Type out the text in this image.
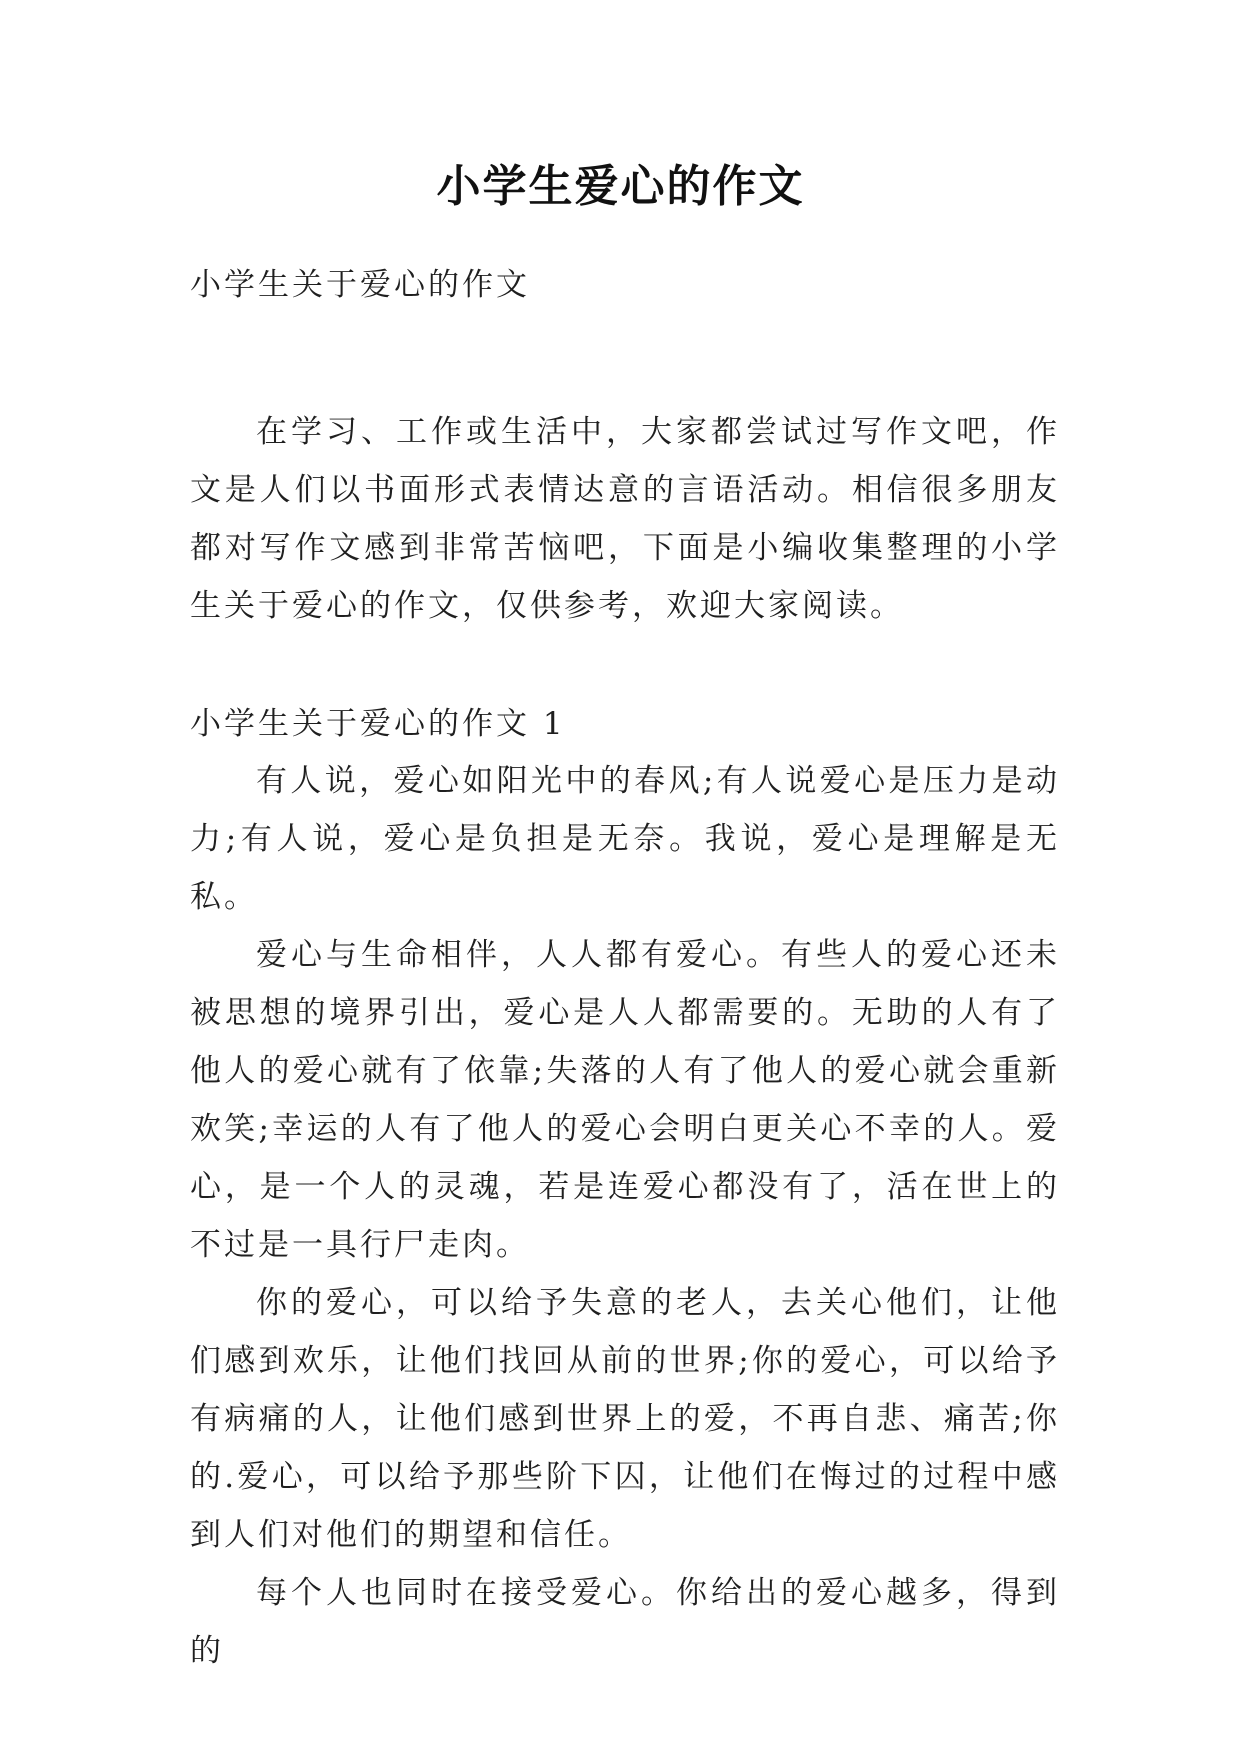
小学生爱心的作文
小学生关于爱心的作文

在学习、工作或生活中，大家都尝试过写作文吧，作文是人们以书面形式表情达意的言语活动。相信很多朋友都对写作文感到非常苦恼吧，下面是小编收集整理的小学生关于爱心的作文，仅供参考，欢迎大家阅读。

小学生关于爱心的作文 1

有人说，爱心如阳光中的春风;有人说爱心是压力是动力;有人说，爱心是负担是无奈。我说，爱心是理解是无私。

爱心与生命相伴，人人都有爱心。有些人的爱心还未被思想的境界引出，爱心是人人都需要的。无助的人有了他人的爱心就有了依靠;失落的人有了他人的爱心就会重新欢笑;幸运的人有了他人的爱心会明白更关心不幸的人。爱心，是一个人的灵魂，若是连爱心都没有了，活在世上的不过是一具行尸走肉。

你的爱心，可以给予失意的老人，去关心他们，让他们感到欢乐，让他们找回从前的世界;你的爱心，可以给予有病痛的人，让他们感到世界上的爱，不再自悲、痛苦;你的.爱心，可以给予那些阶下囚，让他们在悔过的过程中感到人们对他们的期望和信任。

每个人也同时在接受爱心。你给出的爱心越多，得到的
